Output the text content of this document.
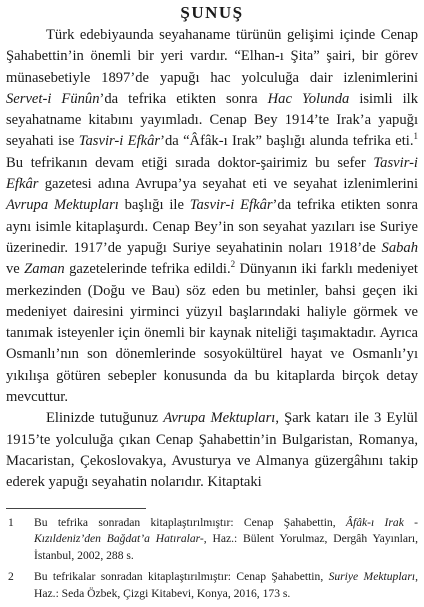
ŞUNUŞ

Türk edebiyaunda seyahaname türünün gelişimi içinde Cenap Şahabettin’in önemli bir yeri vardır. “Elhan-ı Şita” şairi, bir görev münasebetiyle 1897’de yapuğı hac yolculuğa dair izlenimlerini Servet-i Fünûn’da tefrika etikten sonra Hac Yolunda isimli ilk seyahatname kitabını yayımladı. Cenap Bey 1914’te Irak’a yapuğı seyahati ise Tasvir-i Efkâr’da “Âfâk-ı Irak” başlığı alunda tefrika eti.$^1$ Bu tefrikanın devam etiği sırada doktor-şairimiz bu sefer Tasvir-i Efkâr gazetesi adına Avrupa’ya seyahat eti ve seyahat izlenimlerini Avrupa Mektupları başlığı ile Tasvir-i Efkâr’da tefrika etikten sonra aynı isimle kitaplaşurdı. Cenap Bey’in son seyahat yazıları ise Suriye üzerinedir. 1917’de yapuğı Suriye seyahatinin noları 1918’de Sabah ve Zaman gazetelerinde tefrika edildi.$^2$ Dünyanın iki farklı medeniyet merkezinden (Doğu ve Bau) söz eden bu metinler, bahsi geçen iki medeniyet dairesini yirminci yüzyıl başlarındaki haliyle görmek ve tanımak isteyenler için önemli bir kaynak niteliği taşımaktadır. Ayrıca Osmanlı’nın son dönemlerinde sosyokültürel hayat ve Osmanlı’yı yıkılışa götüren sebepler konusunda da bu kitaplarda birçok detay mevcuttur.

Elinizde tutuğunuz Avrupa Mektupları, Şark katarı ile 3 Eylül 1915’te yolculuğa çıkan Cenap Şahabettin’in Bulgaristan, Romanya, Macaristan, Çekoslovakya, Avusturya ve Almanya güzergâhını takip ederek yapuğı seyahatin nolarıdır. Kitaptaki

1	Bu tefrika sonradan kitaplaştırılmıştır: Cenap Şahabettin, Âfâk-ı Irak -Kızıldeniz’den Bağdat’a Hatıralar-, Haz.: Bülent Yorulmaz, Dergâh Yayınları, İstanbul, 2002, 288 s.
2	Bu tefrikalar sonradan kitaplaştırılmıştır: Cenap Şahabettin, Suriye Mektupları, Haz.: Seda Özbek, Çizgi Kitabevi, Konya, 2016, 173 s.
